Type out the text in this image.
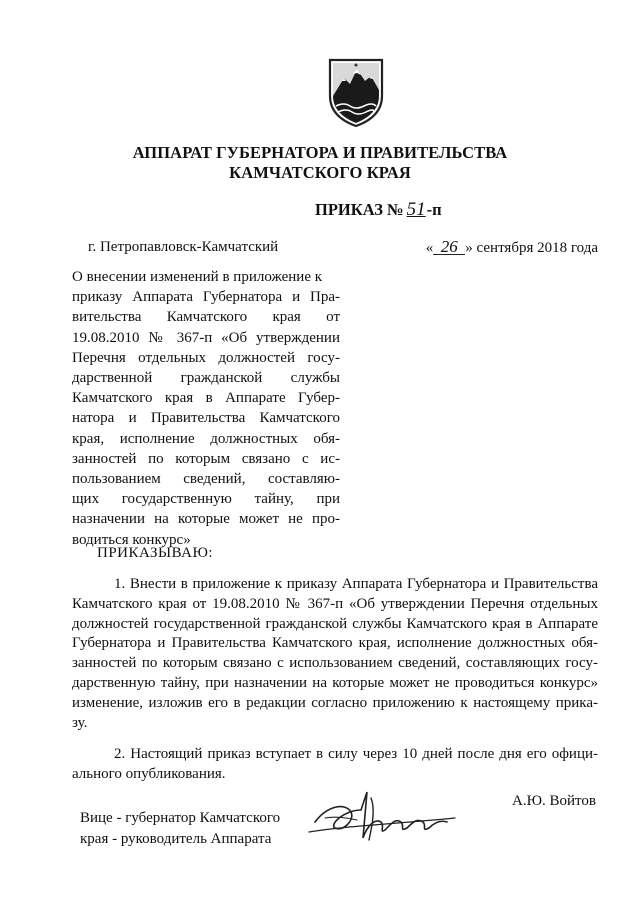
АППАРАТ ГУБЕРНАТОРА И ПРАВИТЕЛЬСТВА
КАМЧАТСКОГО КРАЯ
ПРИКАЗ № 51-п
г. Петропавловск-Камчатский	« 26 » сентября 2018 года
О внесении изменений в приложение к
приказу Аппарата Губернатора и Пра-
вительства Камчатского края от
19.08.2010 № 367-п «Об утверждении
Перечня отдельных должностей госу-
дарственной гражданской службы
Камчатского края в Аппарате Губер-
натора и Правительства Камчатского
края, исполнение должностных обя-
занностей по которым связано с ис-
пользованием сведений, составляю-
щих государственную тайну, при
назначении на которые может не про-
водиться конкурс»
ПРИКАЗЫВАЮ:
1. Внести в приложение к приказу Аппарата Губернатора и Правительства
Камчатского края от 19.08.2010 № 367-п «Об утверждении Перечня отдельных
должностей государственной гражданской службы Камчатского края в Аппарате
Губернатора и Правительства Камчатского края, исполнение должностных обя-
занностей по которым связано с использованием сведений, составляющих госу-
дарственную тайну, при назначении на которые может не проводиться конкурс»
изменение, изложив его в редакции согласно приложению к настоящему прика-
зу.
2. Настоящий приказ вступает в силу через 10 дней после дня его офици-
ального опубликования.
Вице - губернатор Камчатского
края - руководитель Аппарата
А.Ю. Войтов
